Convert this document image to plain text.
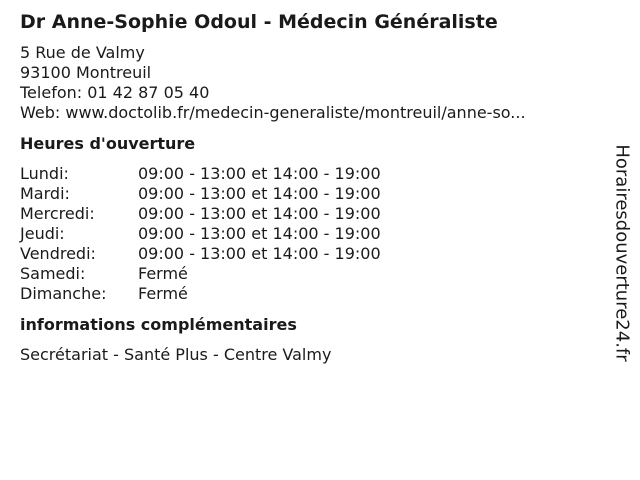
Dr Anne-Sophie Odoul - Médecin Généraliste
5 Rue de Valmy
93100 Montreuil
Telefon: 01 42 87 05 40
Web: www.doctolib.fr/medecin-generaliste/montreuil/anne-so...
Heures d'ouverture
Lundi:	09:00 - 13:00 et 14:00 - 19:00
Mardi:	09:00 - 13:00 et 14:00 - 19:00
Mercredi:	09:00 - 13:00 et 14:00 - 19:00
Jeudi:	09:00 - 13:00 et 14:00 - 19:00
Vendredi:	09:00 - 13:00 et 14:00 - 19:00
Samedi:	Fermé
Dimanche:	Fermé
informations complémentaires
Secrétariat - Santé Plus - Centre Valmy	Horairesdouverture24.fr
